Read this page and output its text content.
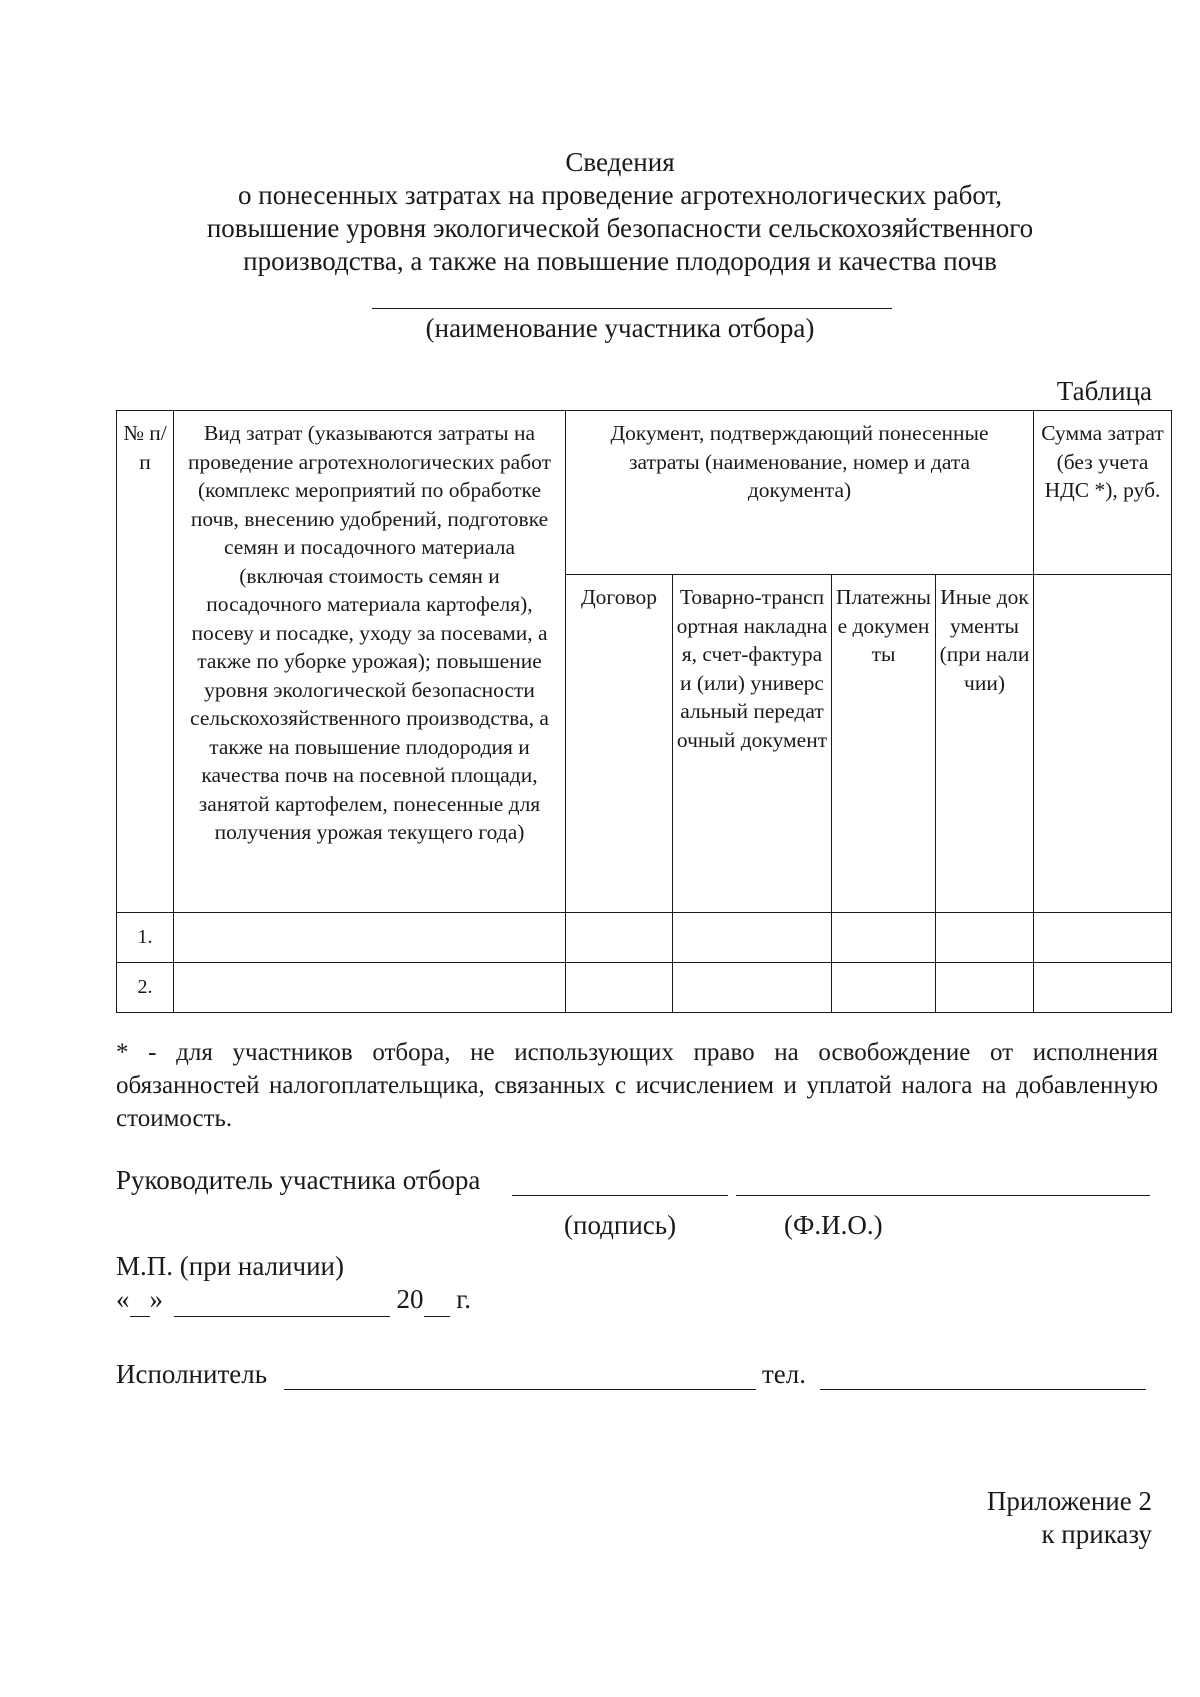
Сведения
о понесенных затратах на проведение агротехнологических работ,
повышение уровня экологической безопасности сельскохозяйственного
производства, а также на повышение плодородия и качества почв
(наименование участника отбора)
Таблица
№ п/п	Вид затрат (указываются затраты на проведение агротехнологических работ (комплекс мероприятий по обработке почв, внесению удобрений, подготовке семян и посадочного материала (включая стоимость семян и посадочного материала картофеля), посеву и посадке, уходу за посевами, а также по уборке урожая); повышение уровня экологической безопасности сельскохозяйственного производства, а также на повышение плодородия и качества почв на посевной площади, занятой картофелем, понесенные для получения урожая текущего года)	Документ, подтверждающий понесенные затраты (наименование, номер и дата документа)				Сумма затрат (без учета НДС *), руб.
		Договор	Товарно-транспортная накладная, счет-фактура и (или) универсальный передаточный документ	Платежные документы	Иные документы (при наличии)	
1.						
2.						
* - для участников отбора, не использующих право на освобождение от исполнения обязанностей налогоплательщика, связанных с исчислением и уплатой налога на добавленную стоимость.
Руководитель участника отбора
(подпись)	(Ф.И.О.)
М.П. (при наличии)
« »	20 г.
Исполнитель	тел.
Приложение 2
к приказу
